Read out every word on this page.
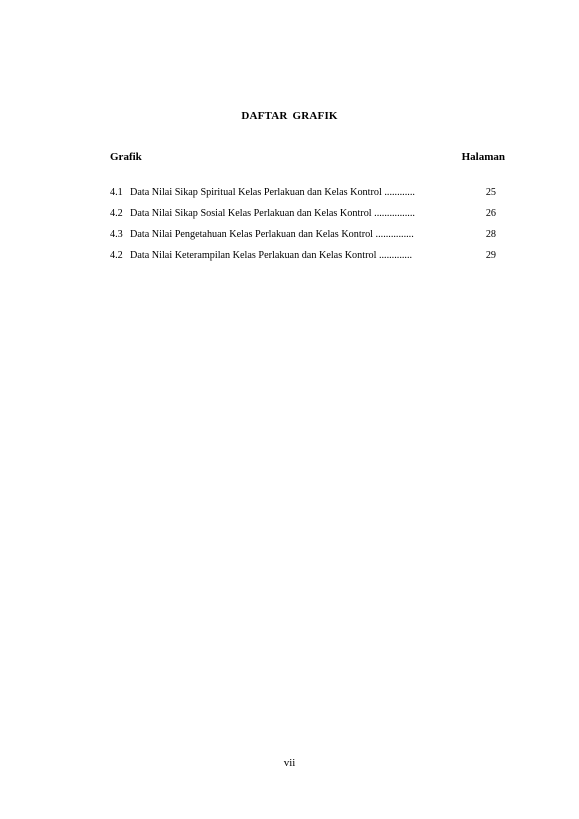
DAFTAR GRAFIK
Grafik	Halaman
4.1 Data Nilai Sikap Spiritual Kelas Perlakuan dan Kelas Kontrol ............	25
4.2 Data Nilai Sikap Sosial Kelas Perlakuan dan Kelas Kontrol ................	26
4.3 Data Nilai Pengetahuan Kelas Perlakuan dan Kelas Kontrol ...............	28
4.2 Data Nilai Keterampilan Kelas Perlakuan dan Kelas Kontrol .............	29
vii
